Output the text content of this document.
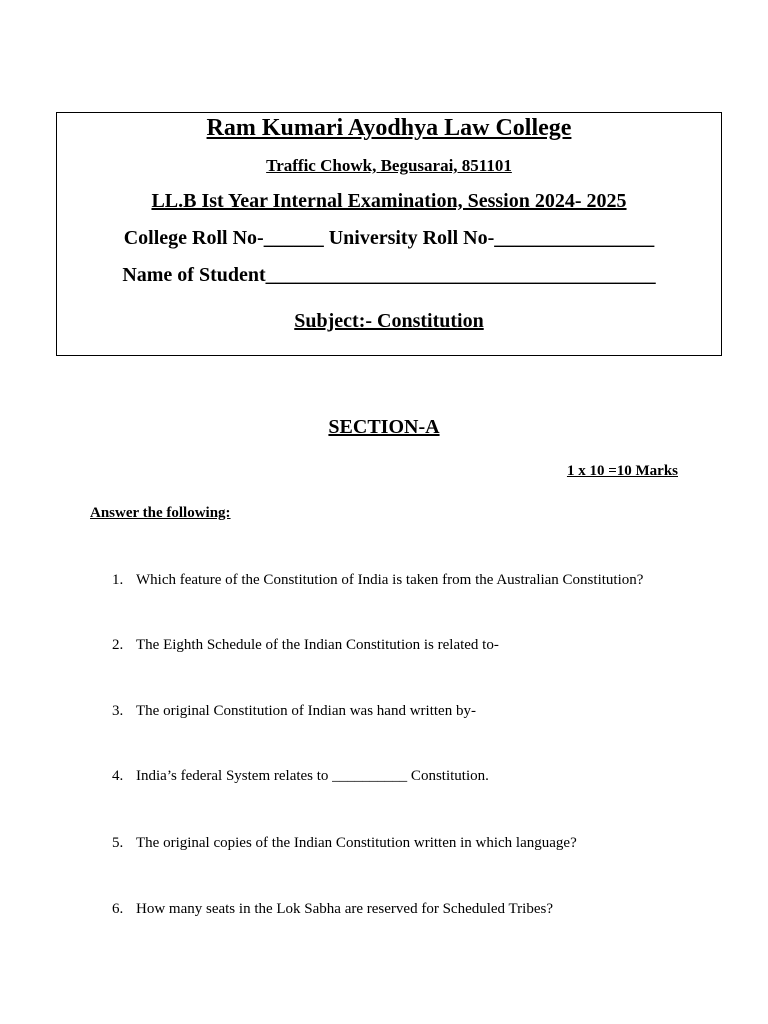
Ram Kumari Ayodhya Law College
Traffic Chowk, Begusarai, 851101
LL.B Ist Year Internal Examination, Session 2024- 2025
College Roll No-______ University Roll No-________________
Name of Student_______________________________________
Subject:- Constitution
SECTION-A
1 x 10 =10 Marks
Answer the following:
1. Which feature of the Constitution of India is taken from the Australian Constitution?
2. The Eighth Schedule of the Indian Constitution is related to-
3. The original Constitution of Indian was hand written by-
4. India’s federal System relates to __________ Constitution.
5. The original copies of the Indian Constitution written in which language?
6. How many seats in the Lok Sabha are reserved for Scheduled Tribes?
